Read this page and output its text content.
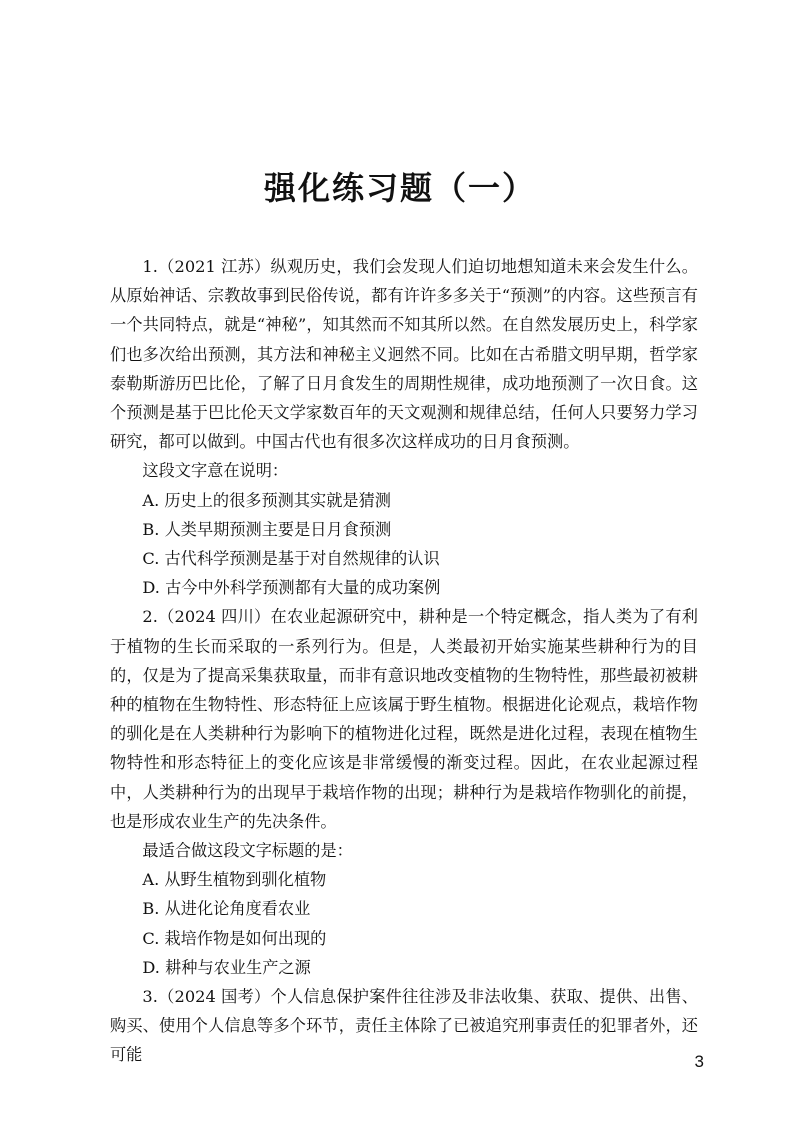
强化练习题（一）

1.（2021 江苏）纵观历史，我们会发现人们迫切地想知道未来会发生什么。从原始神话、宗教故事到民俗传说，都有许许多多关于“预测”的内容。这些预言有一个共同特点，就是“神秘”，知其然而不知其所以然。在自然发展历史上，科学家们也多次给出预测，其方法和神秘主义迥然不同。比如在古希腊文明早期，哲学家泰勒斯游历巴比伦，了解了日月食发生的周期性规律，成功地预测了一次日食。这个预测是基于巴比伦天文学家数百年的天文观测和规律总结，任何人只要努力学习研究，都可以做到。中国古代也有很多次这样成功的日月食预测。

这段文字意在说明：

A. 历史上的很多预测其实就是猜测

B. 人类早期预测主要是日月食预测

C. 古代科学预测是基于对自然规律的认识

D. 古今中外科学预测都有大量的成功案例

2.（2024 四川）在农业起源研究中，耕种是一个特定概念，指人类为了有利于植物的生长而采取的一系列行为。但是，人类最初开始实施某些耕种行为的目的，仅是为了提高采集获取量，而非有意识地改变植物的生物特性，那些最初被耕种的植物在生物特性、形态特征上应该属于野生植物。根据进化论观点，栽培作物的驯化是在人类耕种行为影响下的植物进化过程，既然是进化过程，表现在植物生物特性和形态特征上的变化应该是非常缓慢的渐变过程。因此，在农业起源过程中，人类耕种行为的出现早于栽培作物的出现；耕种行为是栽培作物驯化的前提，也是形成农业生产的先决条件。

最适合做这段文字标题的是：

A. 从野生植物到驯化植物

B. 从进化论角度看农业

C. 栽培作物是如何出现的

D. 耕种与农业生产之源

3.（2024 国考）个人信息保护案件往往涉及非法收集、获取、提供、出售、购买、使用个人信息等多个环节，责任主体除了已被追究刑事责任的犯罪者外，还可能	3
